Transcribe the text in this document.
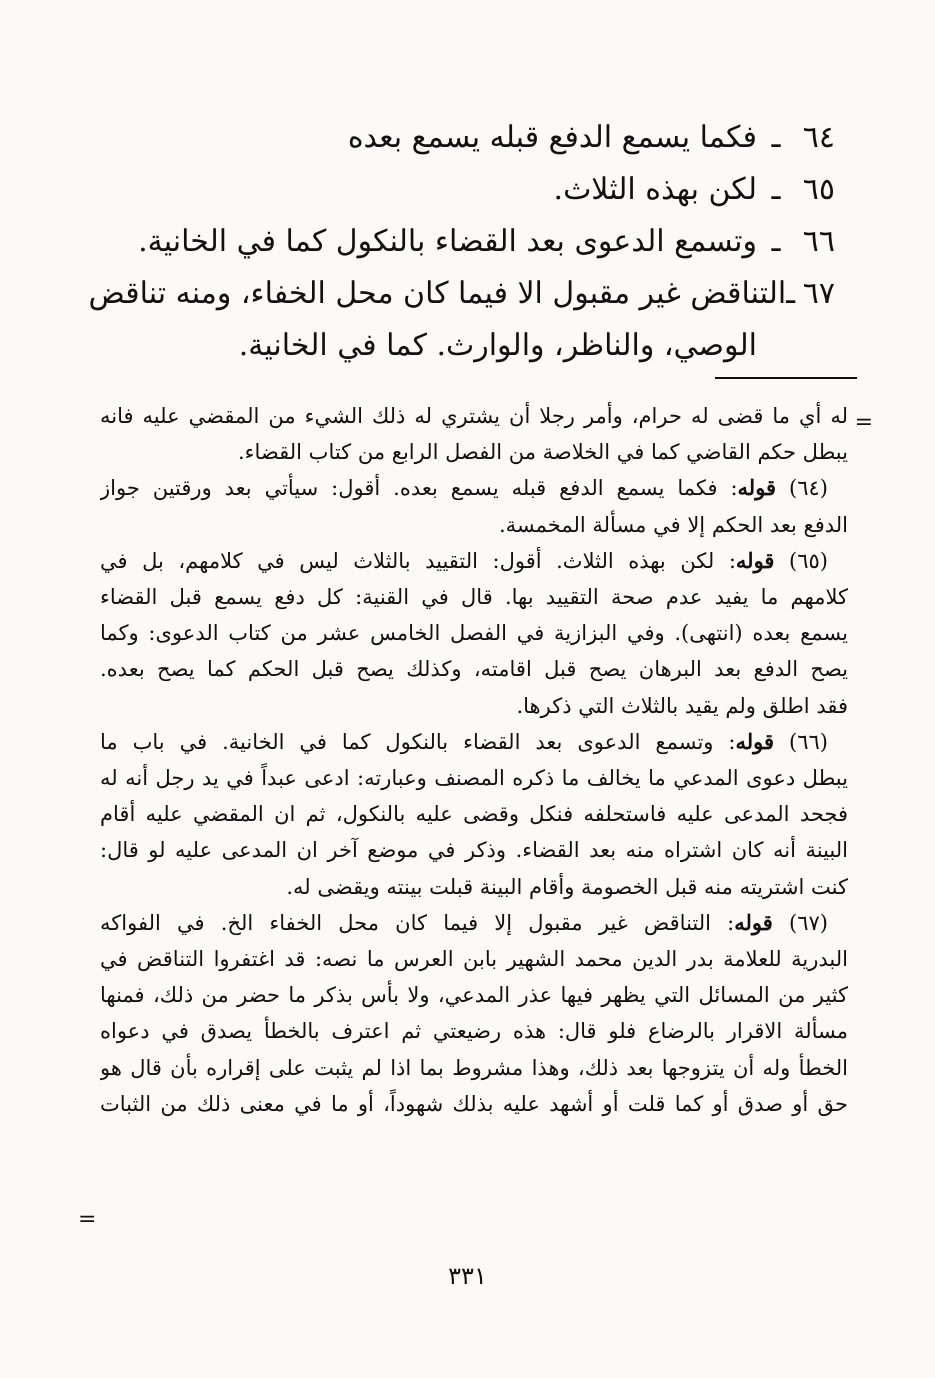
٦٤
ـ
فكما يسمع الدفع قبله يسمع بعده
٦٥
ـ
لكن بهذه الثلاث.
٦٦
ـ
وتسمع الدعوى بعد القضاء بالنكول كما في الخانية.
٦٧
ـ
التناقض غير مقبول الا فيما كان محل الخفاء، ومنه تناقض
الوصي، والناظر، والوارث. كما في الخانية.
=
له أي ما قضى له حرام، وأمر رجلا أن يشتري له ذلك الشيء من المقضي عليه فانه
يبطل حكم القاضي كما في الخلاصة من الفصل الرابع من كتاب القضاء.
(٦٤) قوله: فكما يسمع الدفع قبله يسمع بعده. أقول: سيأتي بعد ورقتين جواز
الدفع بعد الحكم إلا في مسألة المخمسة.
(٦٥) قوله: لكن بهذه الثلاث. أقول: التقييد بالثلاث ليس في كلامهم، بل في
كلامهم ما يفيد عدم صحة التقييد بها. قال في القنية: كل دفع يسمع قبل القضاء
يسمع بعده (انتهى). وفي البزازية في الفصل الخامس عشر من كتاب الدعوى: وكما
يصح الدفع بعد البرهان يصح قبل اقامته، وكذلك يصح قبل الحكم كما يصح بعده.
فقد اطلق ولم يقيد بالثلاث التي ذكرها.
(٦٦) قوله: وتسمع الدعوى بعد القضاء بالنكول كما في الخانية. في باب ما
يبطل دعوى المدعي ما يخالف ما ذكره المصنف وعبارته: ادعى عبداً في يد رجل أنه له
فجحد المدعى عليه فاستحلفه فنكل وقضى عليه بالنكول، ثم ان المقضي عليه أقام
البينة أنه كان اشتراه منه بعد القضاء. وذكر في موضع آخر ان المدعى عليه لو قال:
كنت اشتريته منه قبل الخصومة وأقام البينة قبلت بينته ويقضى له.
(٦٧) قوله: التناقض غير مقبول إلا فيما كان محل الخفاء الخ. في الفواكه
البدرية للعلامة بدر الدين محمد الشهير بابن العرس ما نصه: قد اغتفروا التناقض في
كثير من المسائل التي يظهر فيها عذر المدعي، ولا بأس بذكر ما حضر من ذلك، فمنها
مسألة الاقرار بالرضاع فلو قال: هذه رضيعتي ثم اعترف بالخطأ يصدق في دعواه
الخطأ وله أن يتزوجها بعد ذلك، وهذا مشروط بما اذا لم يثبت على إقراره بأن قال هو
حق أو صدق أو كما قلت أو أشهد عليه بذلك شهوداً، أو ما في معنى ذلك من الثبات
=
٣٣١
